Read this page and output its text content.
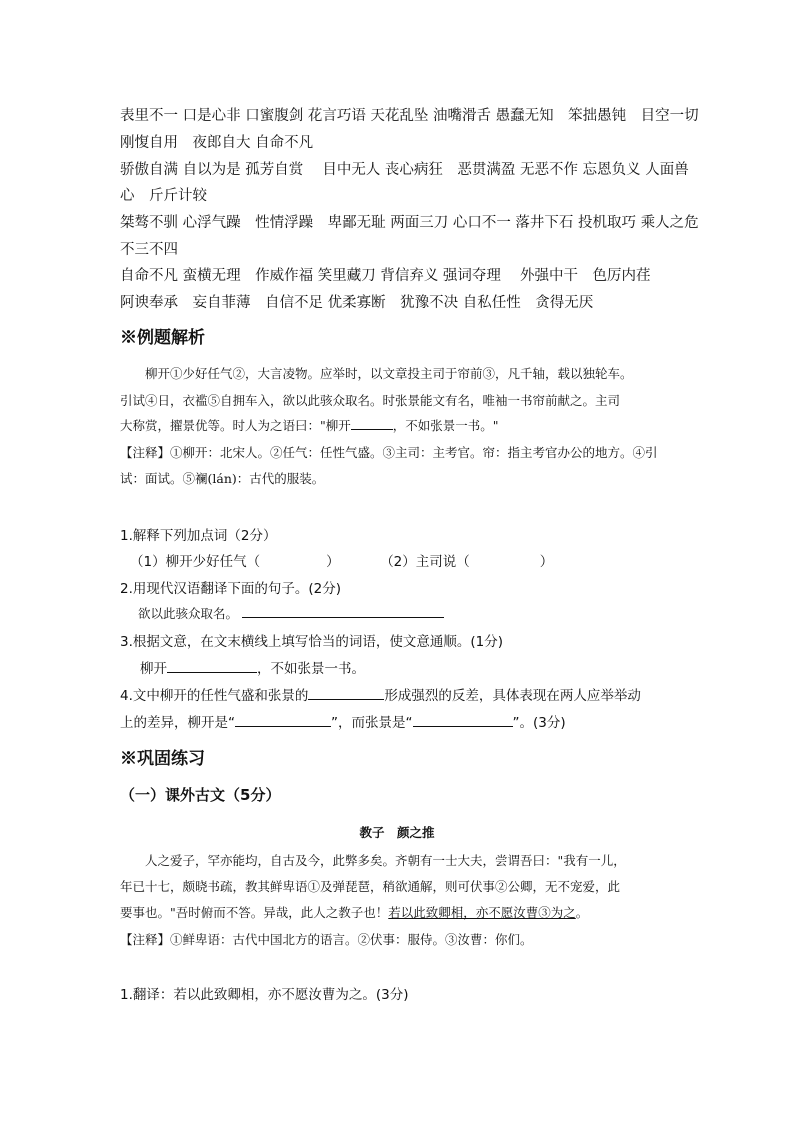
表里不一 口是心非 口蜜腹剑 花言巧语 天花乱坠 油嘴滑舌 愚蠢无知　笨拙愚钝　目空一切
刚愎自用　夜郎自大 自命不凡
骄傲自满 自以为是 孤芳自赏　 目中无人 丧心病狂　恶贯满盈 无恶不作 忘恩负义 人面兽
心　斤斤计较
桀骜不驯 心浮气躁　性情浮躁　卑鄙无耻 两面三刀 心口不一 落井下石 投机取巧 乘人之危
不三不四
自命不凡 蛮横无理　作威作福 笑里藏刀 背信弃义 强词夺理　 外强中干　色厉内荏
阿谀奉承　妄自菲薄　自信不足 优柔寡断　犹豫不决 自私任性　贪得无厌
※例题解析
　　柳开①少好任气②，大言凌物。应举时，以文章投主司于帘前③，凡千轴，载以独轮车。
引试④日，衣褴⑤自拥车入，欲以此骇众取名。时张景能文有名，唯袖一书帘前献之。主司
大称赏，擢景优等。时人为之语曰："柳开	，不如张景一书。"
【注释】①柳开：北宋人。②任气：任性气盛。③主司：主考官。帘：指主考官办公的地方。④引
试：面试。⑤襕(lán)：古代的服装。
1.解释下列加点词（2分）
（1）柳开少好任气（	）	（2）主司说（	）
2.用现代汉语翻译下面的句子。(2分)
欲以此骇众取名。
3.根据文意，在文末横线上填写恰当的词语，使文意通顺。(1分)
柳开	，不如张景一书。
4.文中柳开的任性气盛和张景的	形成强烈的反差，具体表现在两人应举举动
上的差异，柳开是“	”，而张景是“	”。(3分)
※巩固练习
（一）课外古文（5分）
教子　颜之推
　　人之爱子，罕亦能均，自古及今，此弊多矣。齐朝有一士大夫，尝谓吾曰："我有一儿，
年已十七，颇晓书疏，教其鲜卑语①及弹琵琶，稍欲通解，则可伏事②公卿，无不宠爱，此
要事也。"吾时俯而不答。异哉，此人之教子也！若以此致卿相，亦不愿汝曹③为之。
【注释】①鲜卑语：古代中国北方的语言。②伏事：服侍。③汝曹：你们。
1.翻译：若以此致卿相，亦不愿汝曹为之。(3分)
